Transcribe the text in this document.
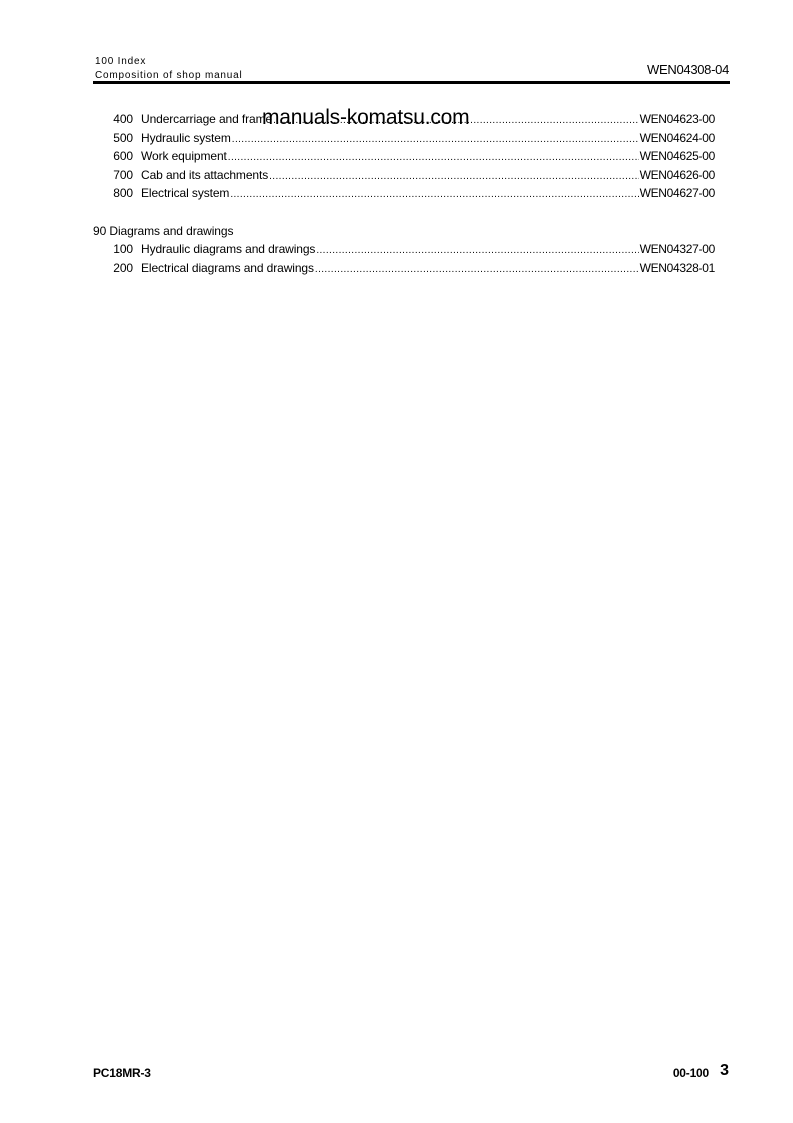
100 Index
Composition of shop manual	WEN04308-04
manuals-komatsu.com
400 Undercarriage and frame .....	WEN04623-00
500 Hydraulic system .....	WEN04624-00
600 Work equipment .....	WEN04625-00
700 Cab and its attachments .....	WEN04626-00
800 Electrical system .....	WEN04627-00
90 Diagrams and drawings
100 Hydraulic diagrams and drawings .....	WEN04327-00
200 Electrical diagrams and drawings .....	WEN04328-01
PC18MR-3	00-100 3
